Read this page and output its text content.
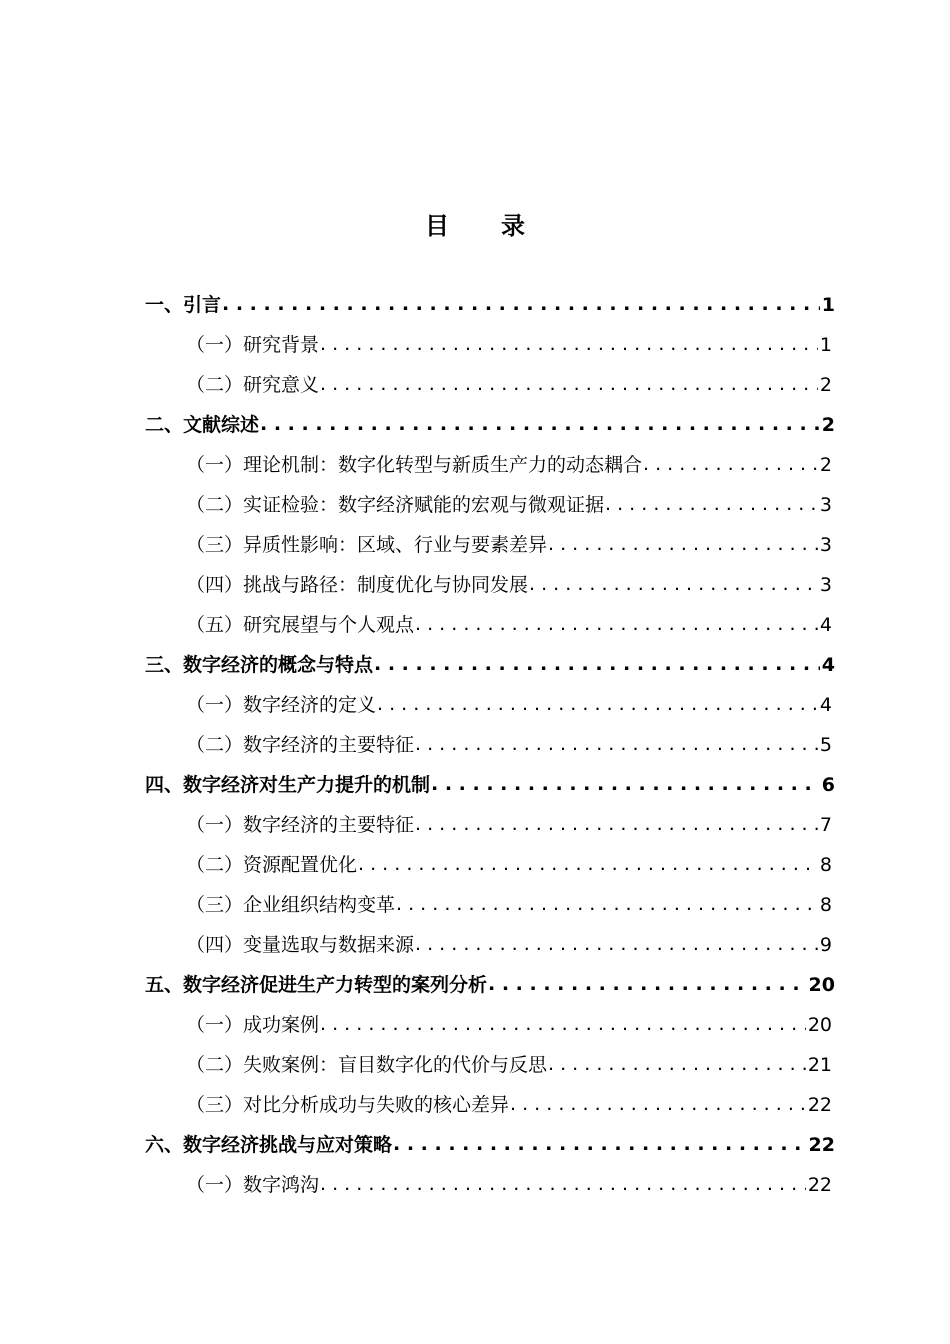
目录
一、引言 . . .	1
（一）研究背景 . . .	1
（二）研究意义 . . .	2
二、文献综述 . . .	2
（一）理论机制：数字化转型与新质生产力的动态耦合 . . .	2
（二）实证检验：数字经济赋能的宏观与微观证据 . . .	3
（三）异质性影响：区域、行业与要素差异 . . .	3
（四）挑战与路径：制度优化与协同发展 . . .	3
（五）研究展望与个人观点 . . .	4
三、数字经济的概念与特点 . . .	4
（一）数字经济的定义 . . .	4
（二）数字经济的主要特征 . . .	5
四、数字经济对生产力提升的机制 . . .	6
（一）数字经济的主要特征 . . .	7
（二）资源配置优化 . . .	8
（三）企业组织结构变革 . . .	8
（四）变量选取与数据来源 . . .	9
五、数字经济促进生产力转型的案列分析 . . .	20
（一）成功案例 . . .	20
（二）失败案例：盲目数字化的代价与反思 . . .	21
（三）对比分析成功与失败的核心差异 . . .	22
六、数字经济挑战与应对策略 . . .	22
（一）数字鸿沟 . . .	22
